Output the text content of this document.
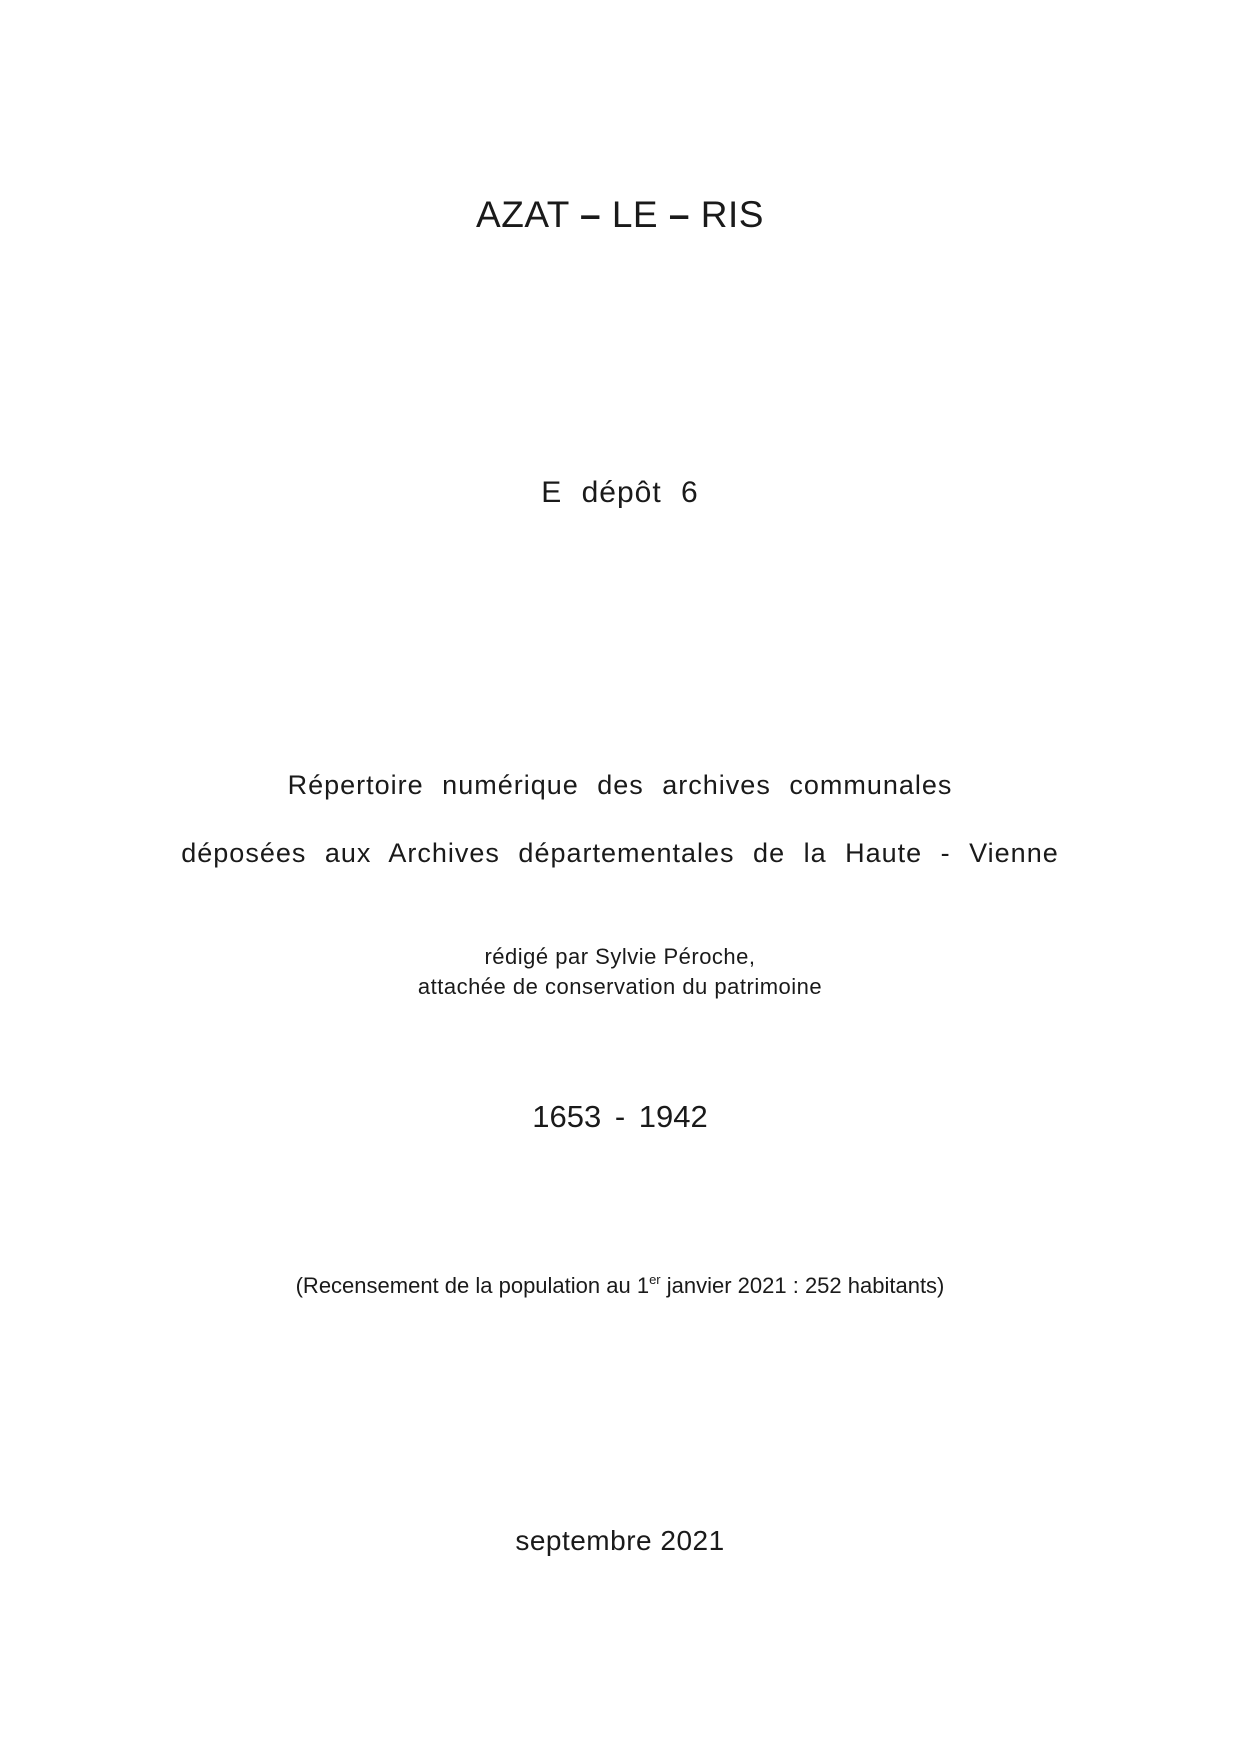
AZAT – LE – RIS
E dépôt 6
Répertoire numérique des archives communales
déposées aux Archives départementales de la Haute - Vienne
rédigé par Sylvie Péroche,
attachée de conservation du patrimoine
1653 - 1942
(Recensement de la population au 1er janvier 2021 : 252 habitants)
septembre 2021
